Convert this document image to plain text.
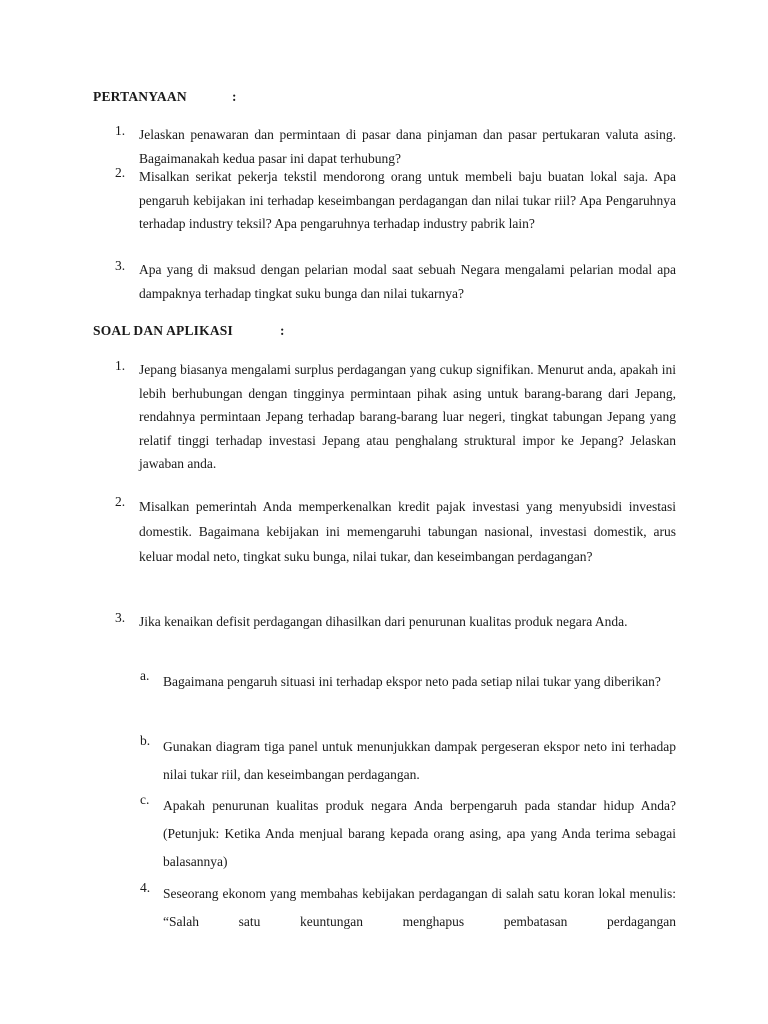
PERTANYAAN	:
1.	Jelaskan penawaran dan permintaan di pasar dana pinjaman dan pasar pertukaran valuta asing. Bagaimanakah kedua pasar ini dapat terhubung?
2.	Misalkan serikat pekerja tekstil mendorong orang untuk membeli baju buatan lokal saja. Apa pengaruh kebijakan ini terhadap keseimbangan perdagangan dan nilai tukar riil? Apa Pengaruhnya terhadap industry teksil? Apa pengaruhnya terhadap industry pabrik lain?
3.	Apa yang di maksud dengan pelarian modal saat sebuah Negara mengalami pelarian modal apa dampaknya terhadap tingkat suku bunga dan nilai tukarnya?
SOAL DAN APLIKASI	:
1.	Jepang biasanya mengalami surplus perdagangan yang cukup signifikan. Menurut anda, apakah ini lebih berhubungan dengan tingginya permintaan pihak asing untuk barang-barang dari Jepang, rendahnya permintaan Jepang terhadap barang-barang luar negeri, tingkat tabungan Jepang yang relatif tinggi terhadap investasi Jepang atau penghalang struktural impor ke Jepang? Jelaskan jawaban anda.
2.	Misalkan pemerintah Anda memperkenalkan kredit pajak investasi yang menyubsidi investasi domestik. Bagaimana kebijakan ini memengaruhi tabungan nasional, investasi domestik, arus keluar modal neto, tingkat suku bunga, nilai tukar, dan keseimbangan perdagangan?
3.	Jika kenaikan defisit perdagangan dihasilkan dari penurunan kualitas produk negara Anda.
a.	Bagaimana pengaruh situasi ini terhadap ekspor neto pada setiap nilai tukar yang diberikan?
b. Gunakan diagram tiga panel untuk menunjukkan dampak pergeseran ekspor neto ini terhadap nilai tukar riil, dan keseimbangan perdagangan.
c.	Apakah penurunan kualitas produk negara Anda berpengaruh pada standar hidup Anda? (Petunjuk: Ketika Anda menjual barang kepada orang asing, apa yang Anda terima sebagai balasannya)
4. Seseorang ekonom yang membahas kebijakan perdagangan di salah satu koran lokal menulis: “Salah satu keuntungan menghapus pembatasan perdagangan
